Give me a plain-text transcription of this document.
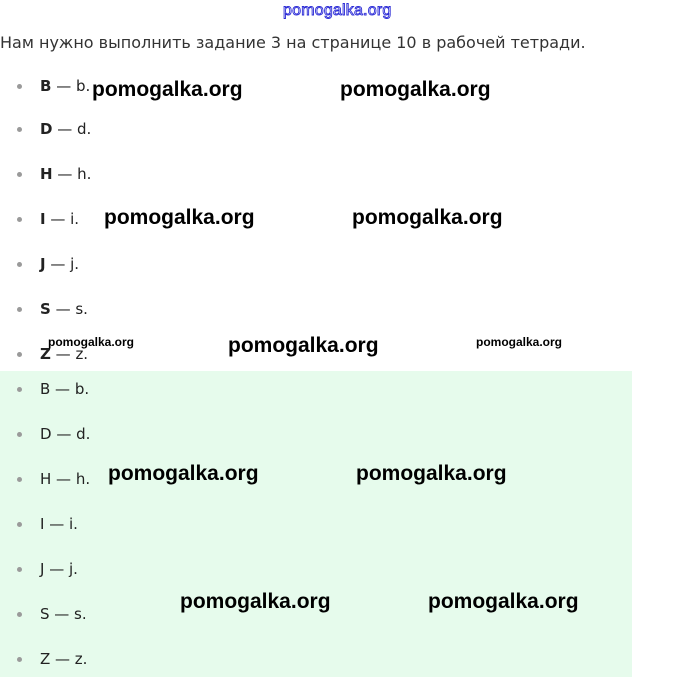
pomogalka.org
Нам нужно выполнить задание 3 на странице 10 в рабочей тетради.
B — b.
D — d.
H — h.
I — i.
J — j.
S — s.
Z — z.
B — b.
D — d.
H — h.
I — i.
J — j.
S — s.
Z — z.
pomogalka.org	pomogalka.org
pomogalka.org	pomogalka.org
pomogalka.org	pomogalka.org	pomogalka.org
pomogalka.org	pomogalka.org
pomogalka.org	pomogalka.org
